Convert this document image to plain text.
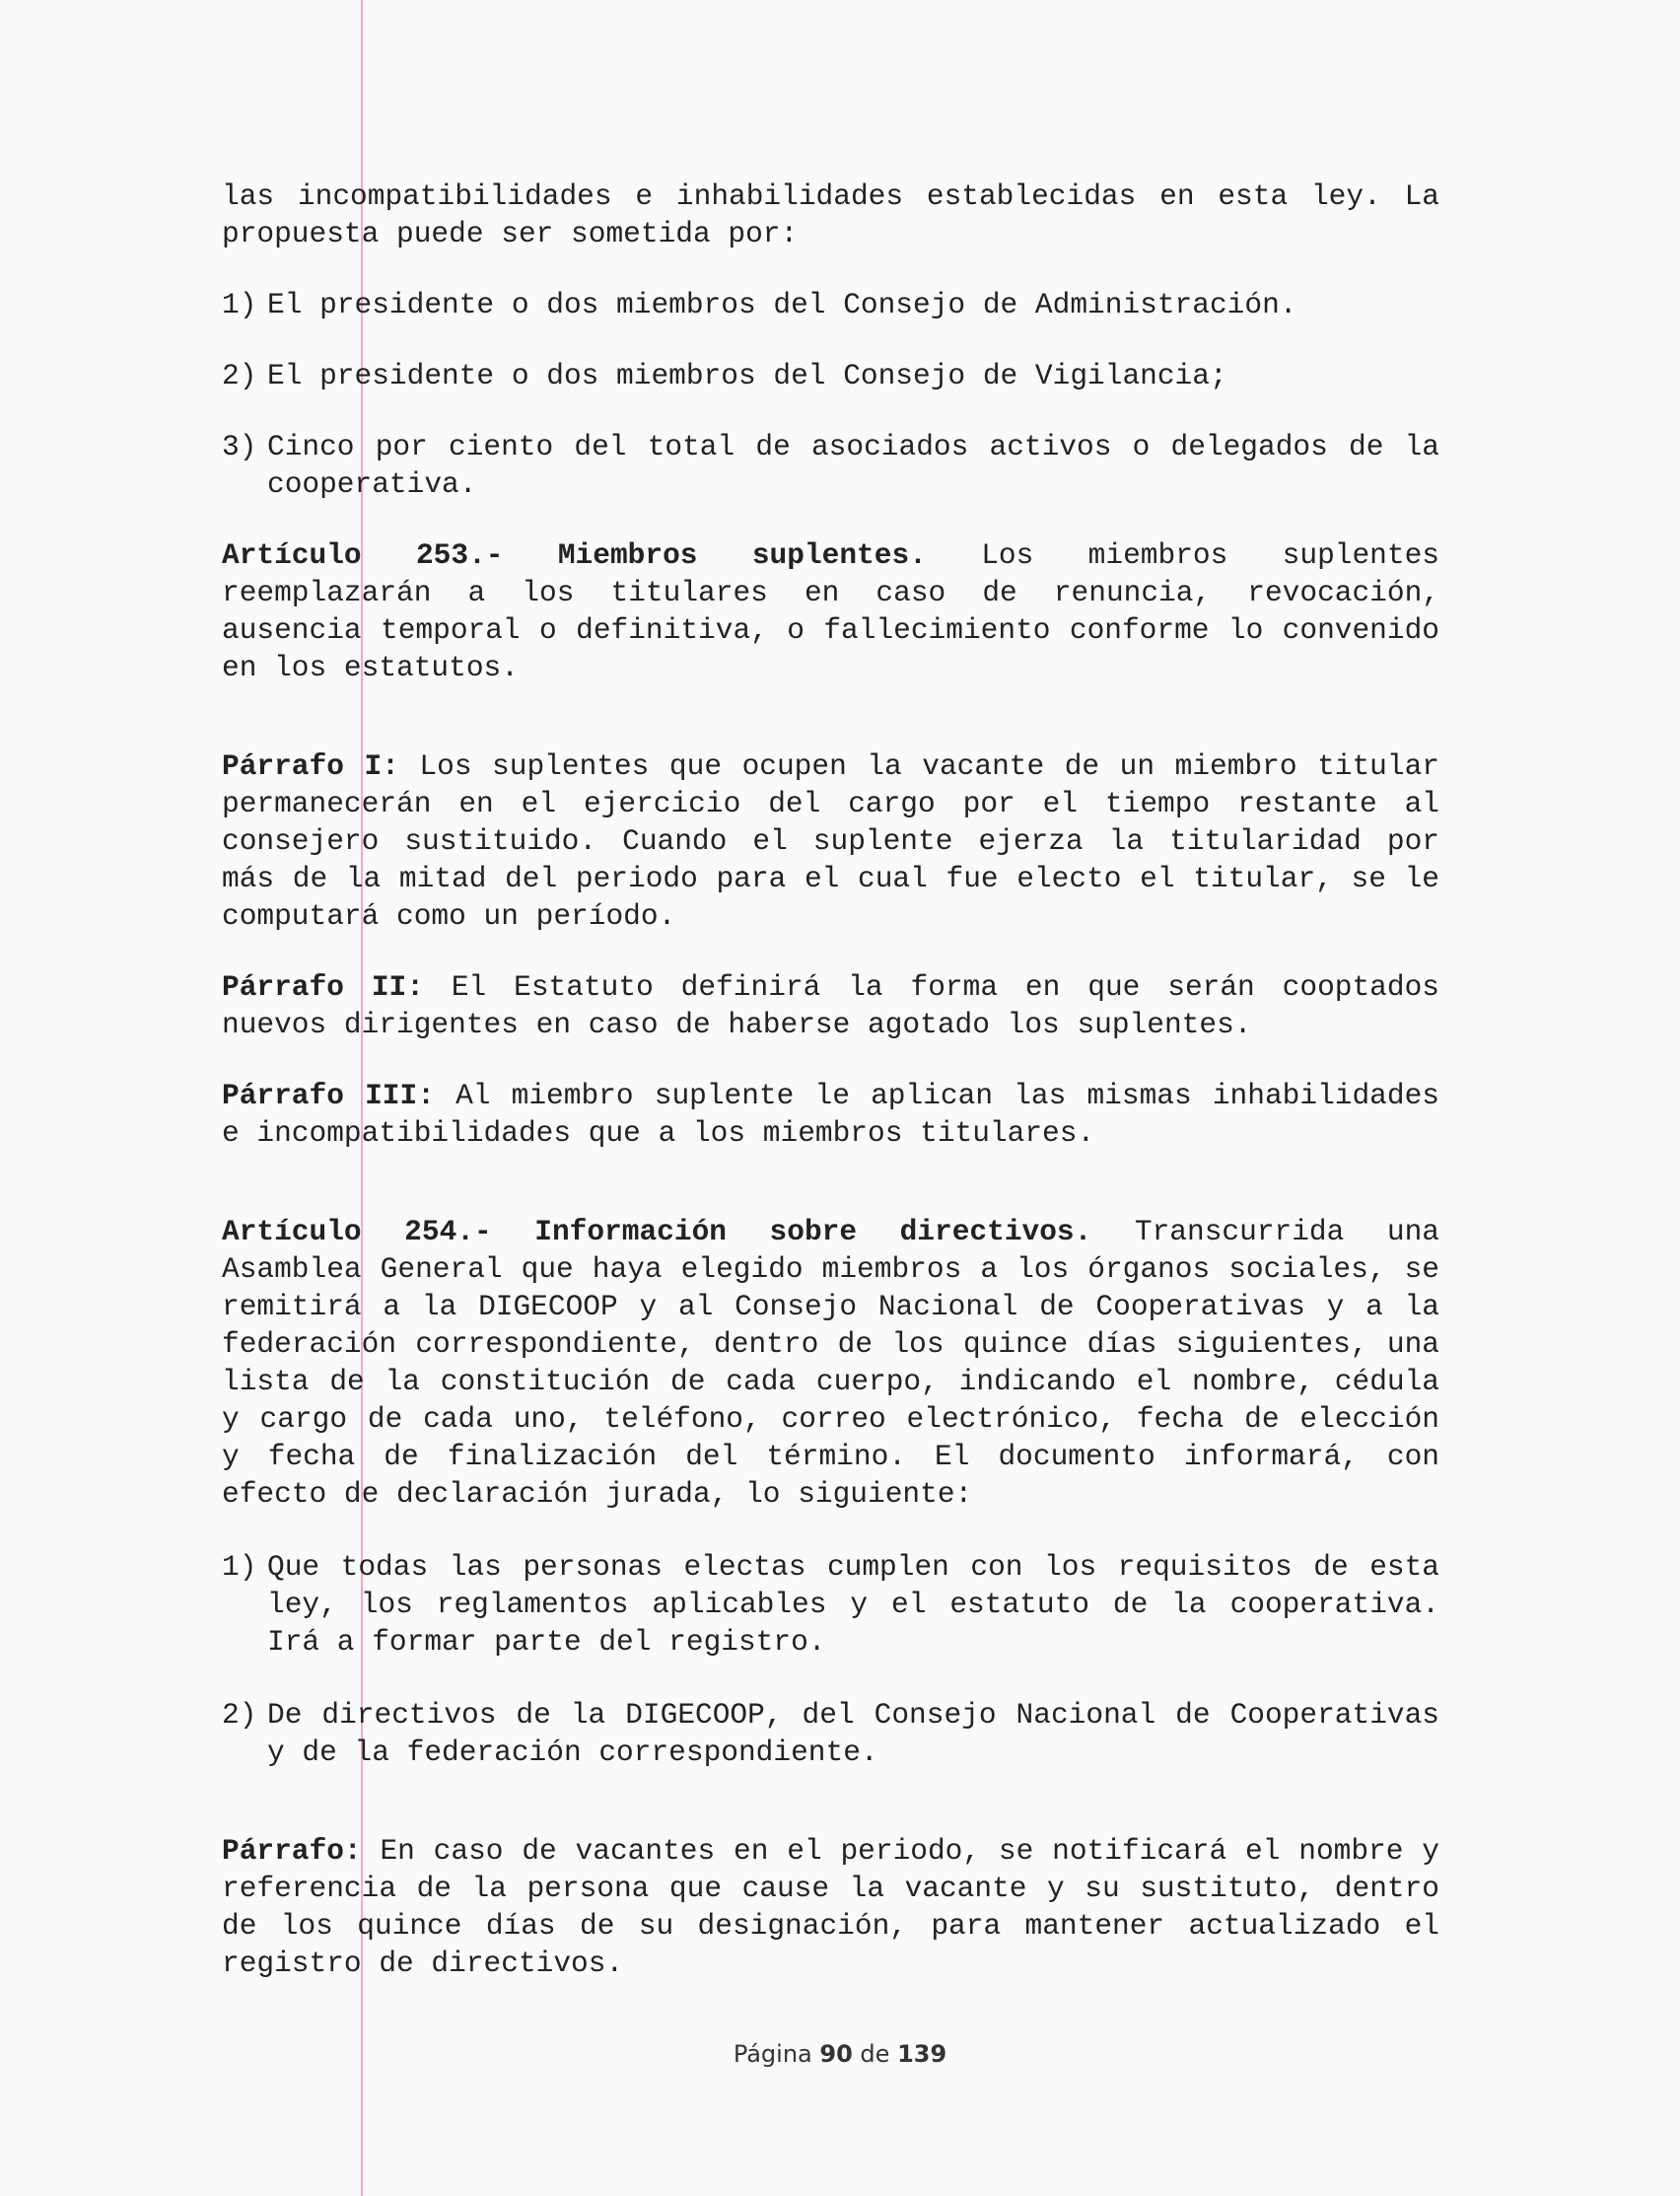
las incompatibilidades e inhabilidades establecidas en esta ley. La propuesta puede ser sometida por:

1) El presidente o dos miembros del Consejo de Administración.
2) El presidente o dos miembros del Consejo de Vigilancia;
3) Cinco por ciento del total de asociados activos o delegados de la cooperativa.

Artículo 253.- Miembros suplentes. Los miembros suplentes reemplazarán a los titulares en caso de renuncia, revocación, ausencia temporal o definitiva, o fallecimiento conforme lo convenido en los estatutos.

Párrafo I: Los suplentes que ocupen la vacante de un miembro titular permanecerán en el ejercicio del cargo por el tiempo restante al consejero sustituido. Cuando el suplente ejerza la titularidad por más de la mitad del periodo para el cual fue electo el titular, se le computará como un período.

Párrafo II: El Estatuto definirá la forma en que serán cooptados nuevos dirigentes en caso de haberse agotado los suplentes.

Párrafo III: Al miembro suplente le aplican las mismas inhabilidades e incompatibilidades que a los miembros titulares.

Artículo 254.- Información sobre directivos. Transcurrida una Asamblea General que haya elegido miembros a los órganos sociales, se remitirá a la DIGECOOP y al Consejo Nacional de Cooperativas y a la federación correspondiente, dentro de los quince días siguientes, una lista de la constitución de cada cuerpo, indicando el nombre, cédula y cargo de cada uno, teléfono, correo electrónico, fecha de elección y fecha de finalización del término. El documento informará, con efecto de declaración jurada, lo siguiente:

1) Que todas las personas electas cumplen con los requisitos de esta ley, los reglamentos aplicables y el estatuto de la cooperativa. Irá a formar parte del registro.
2) De directivos de la DIGECOOP, del Consejo Nacional de Cooperativas y de la federación correspondiente.

Párrafo: En caso de vacantes en el periodo, se notificará el nombre y referencia de la persona que cause la vacante y su sustituto, dentro de los quince días de su designación, para mantener actualizado el registro de directivos.

Página 90 de 139
